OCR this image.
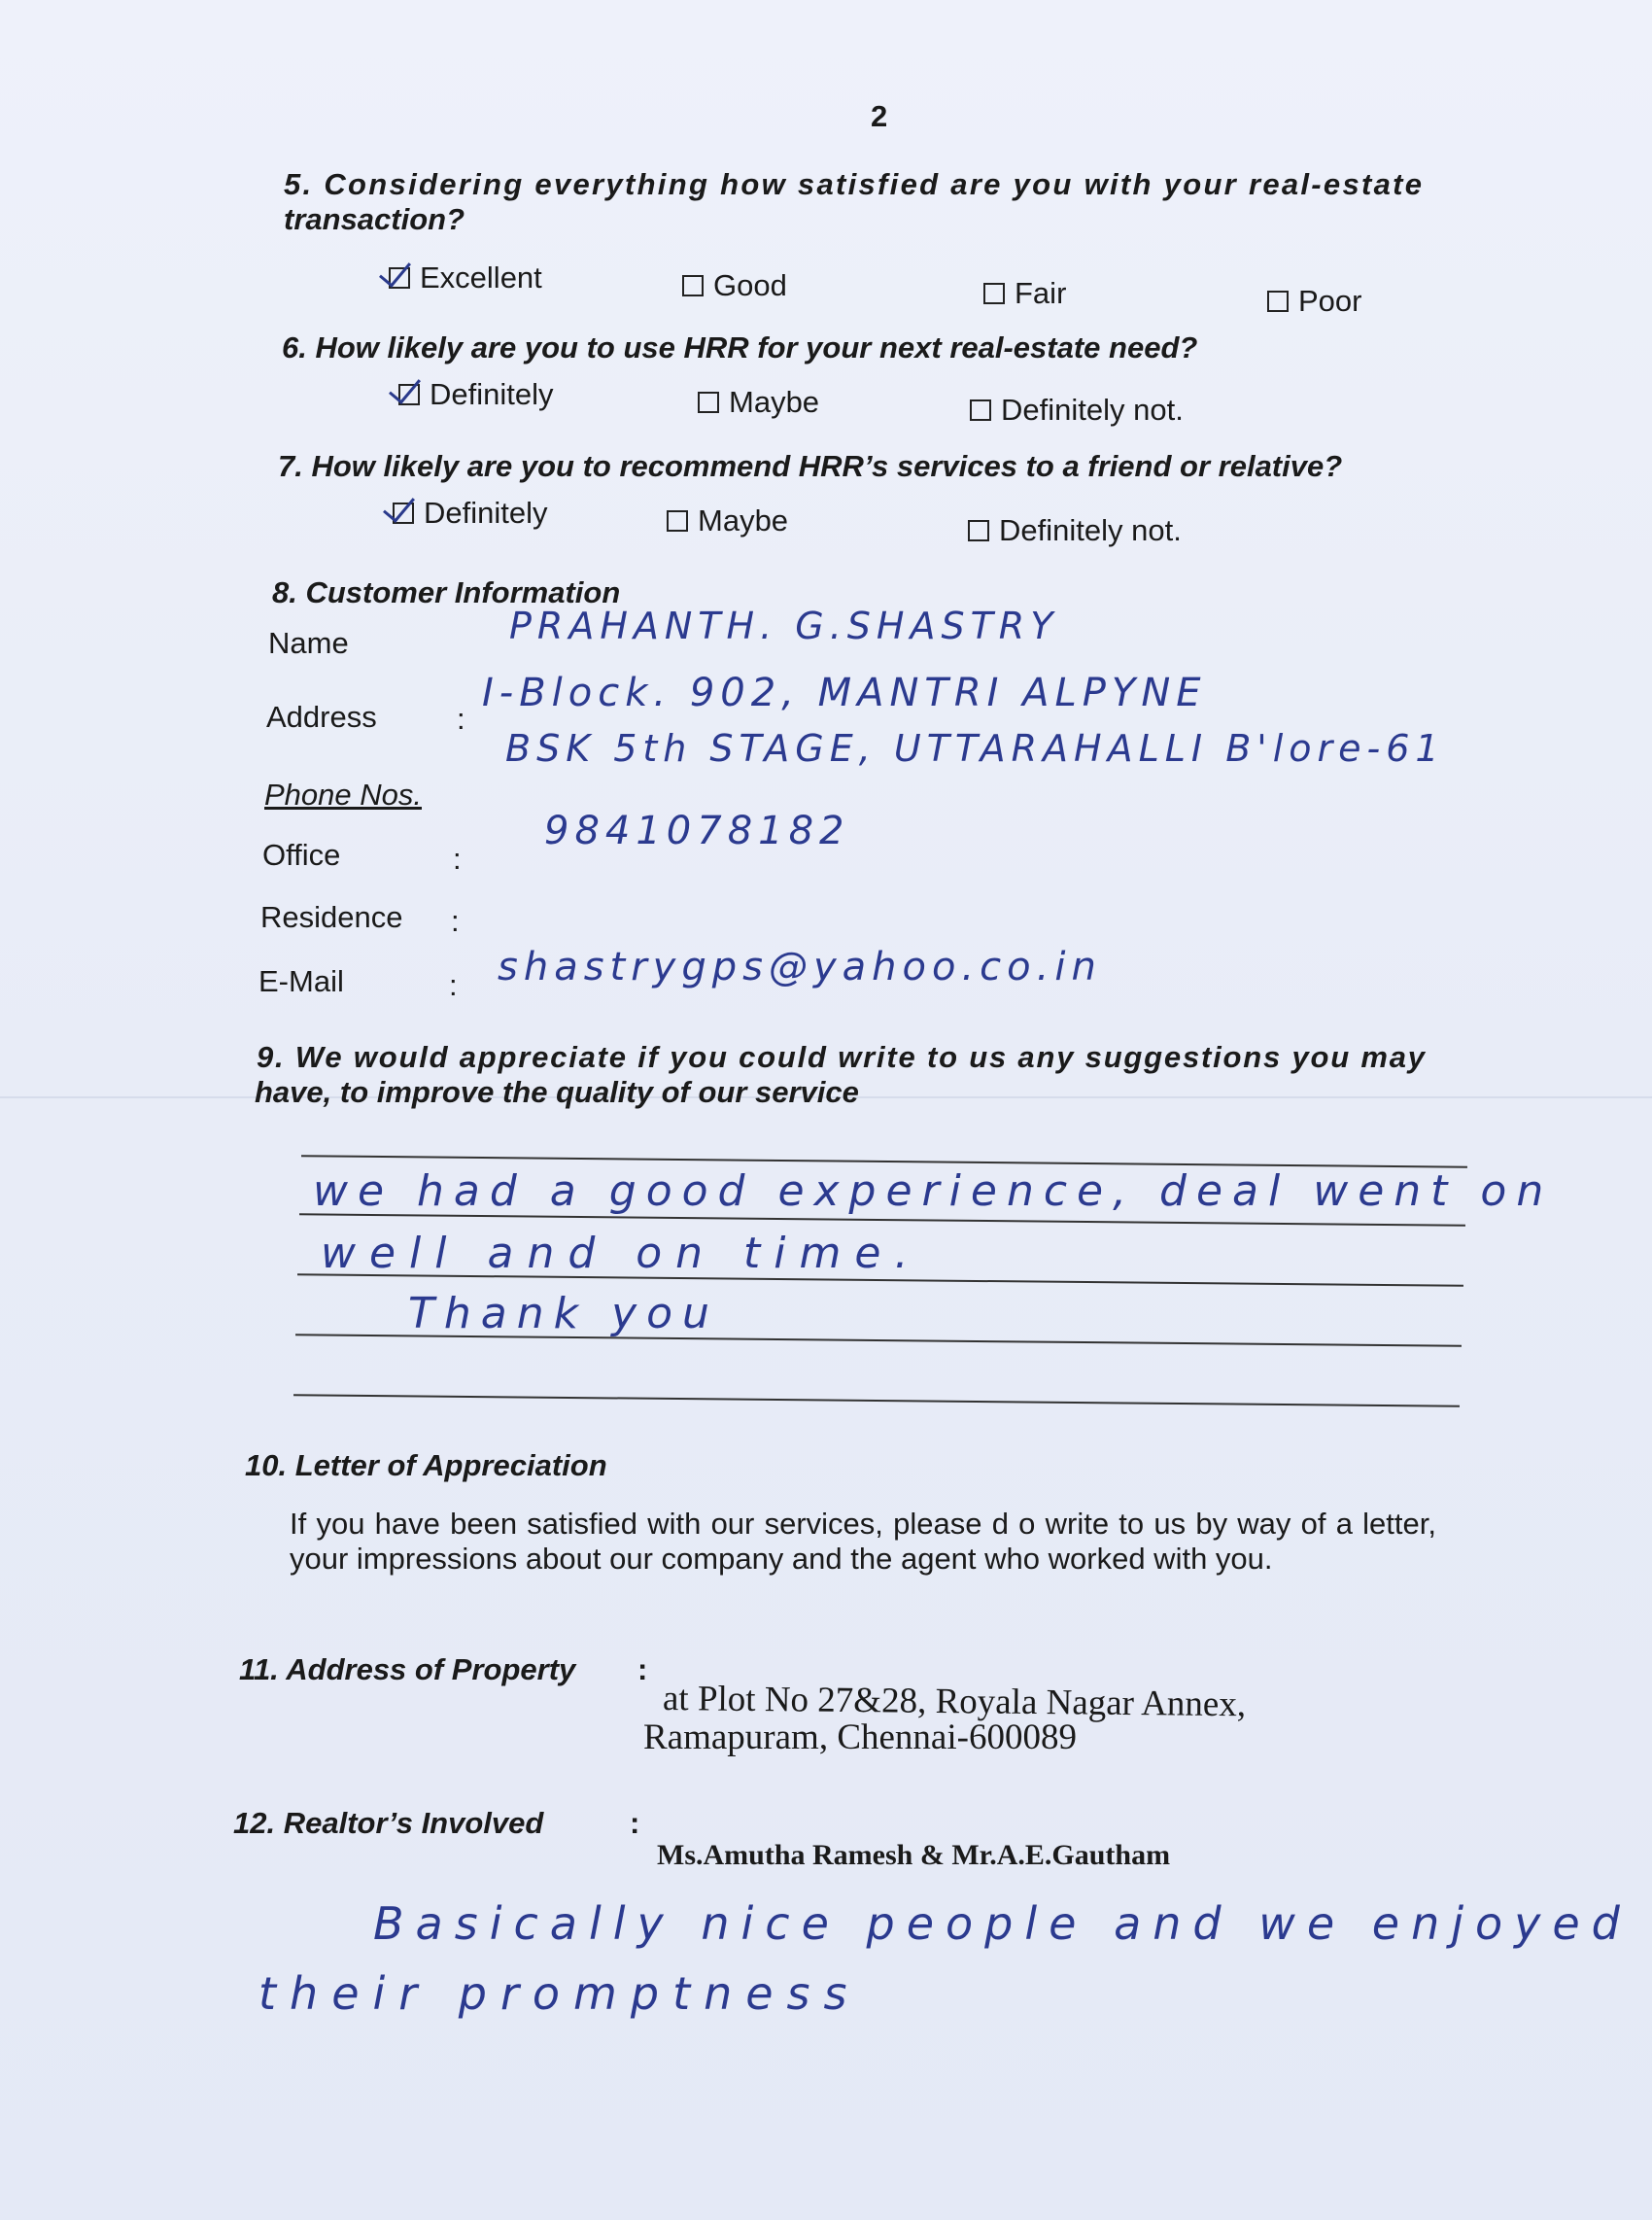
2
5. Considering everything how satisfied are you with your real-estate
transaction?
Excellent	Good	Fair	Poor
6. How likely are you to use HRR for your next real-estate need?
Definitely	Maybe	Definitely not.
7. How likely are you to recommend HRR’s services to a friend or relative?
Definitely	Maybe	Definitely not.
8. Customer Information
Name	PRAHANTH. G.SHASTRY
Address	:
I-Block. 902, MANTRI ALPYNE
BSK 5th STAGE, UTTARAHALLI B'lore-61
Phone Nos.
Office	:
9841078182
Residence :
E-Mail	: shastrygps@yahoo.co.in
9. We would appreciate if you could write to us any suggestions you may
have, to improve the quality of our service
we had a good experience, deal went on
well and on time.
Thank you
10. Letter of Appreciation
If you have been satisfied with our services, please d o write to us by way of a letter, your impressions about our company and the agent who worked with you.
11. Address of Property :
at Plot No 27&28, Royala Nagar Annex,
Ramapuram, Chennai-600089
12. Realtor’s Involved	:
Ms.Amutha Ramesh & Mr.A.E.Gautham
Basically nice people and we enjoyed
their promptness
